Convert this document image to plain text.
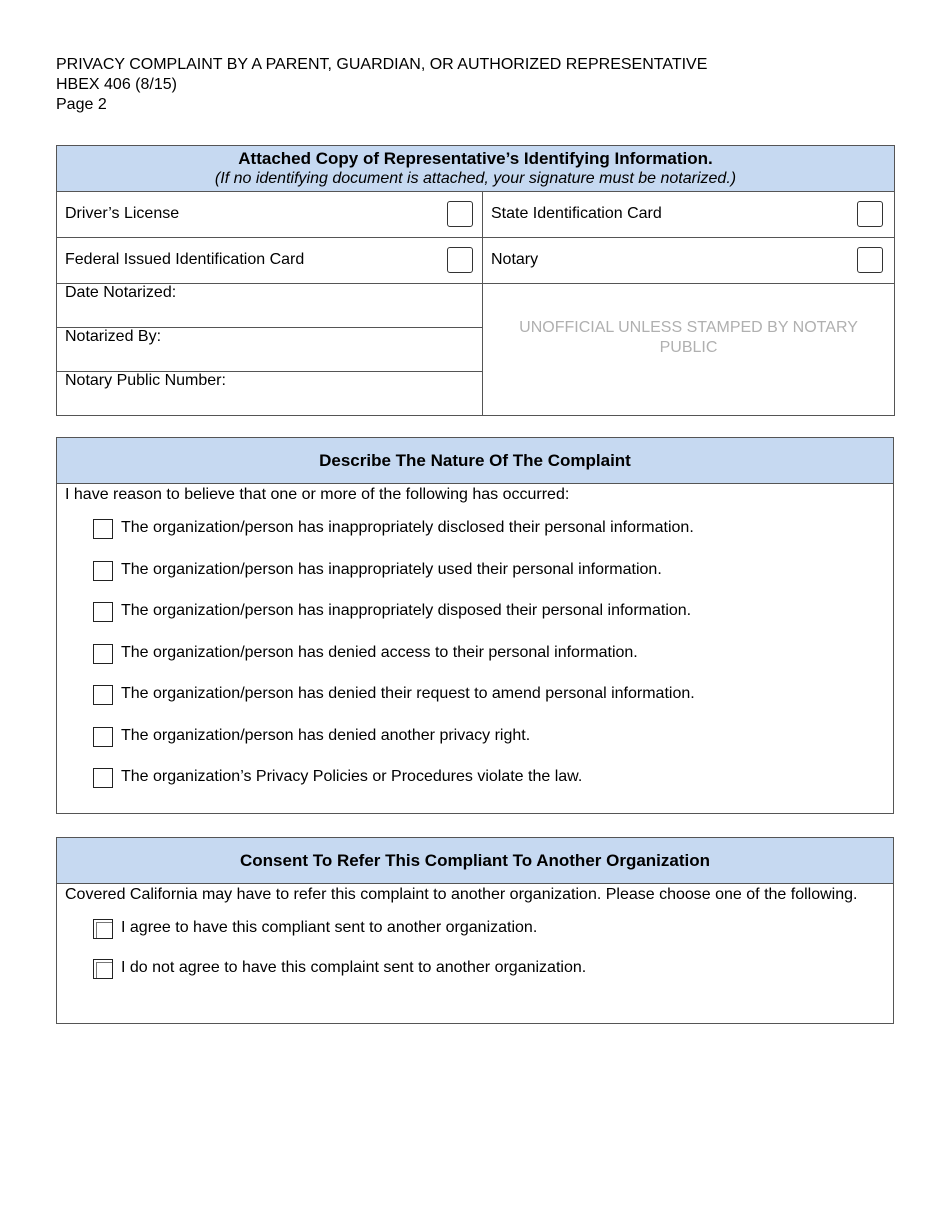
PRIVACY COMPLAINT BY A PARENT, GUARDIAN, OR AUTHORIZED REPRESENTATIVE
HBEX 406 (8/15)
Page 2
Attached Copy of Representative’s Identifying Information.
(If no identifying document is attached, your signature must be notarized.)	

Driver’s License	State Identification Card

Federal Issued Identification Card	Notary

Date Notarized:	UNOFFICIAL UNLESS STAMPED BY NOTARY PUBLIC

Notarized By:	
Notary Public Number:	
Describe The Nature Of The Complaint

I have reason to believe that one or more of the following has occurred:
The organization/person has inappropriately disclosed their personal information.
The organization/person has inappropriately used their personal information.
The organization/person has inappropriately disposed their personal information.
The organization/person has denied access to their personal information.
The organization/person has denied their request to amend personal information.
The organization/person has denied another privacy right.
The organization’s Privacy Policies or Procedures violate the law.
Consent To Refer This Compliant To Another Organization

Covered California may have to refer this complaint to another organization. Please choose one of the following.
I agree to have this compliant sent to another organization.
I do not agree to have this complaint sent to another organization.
